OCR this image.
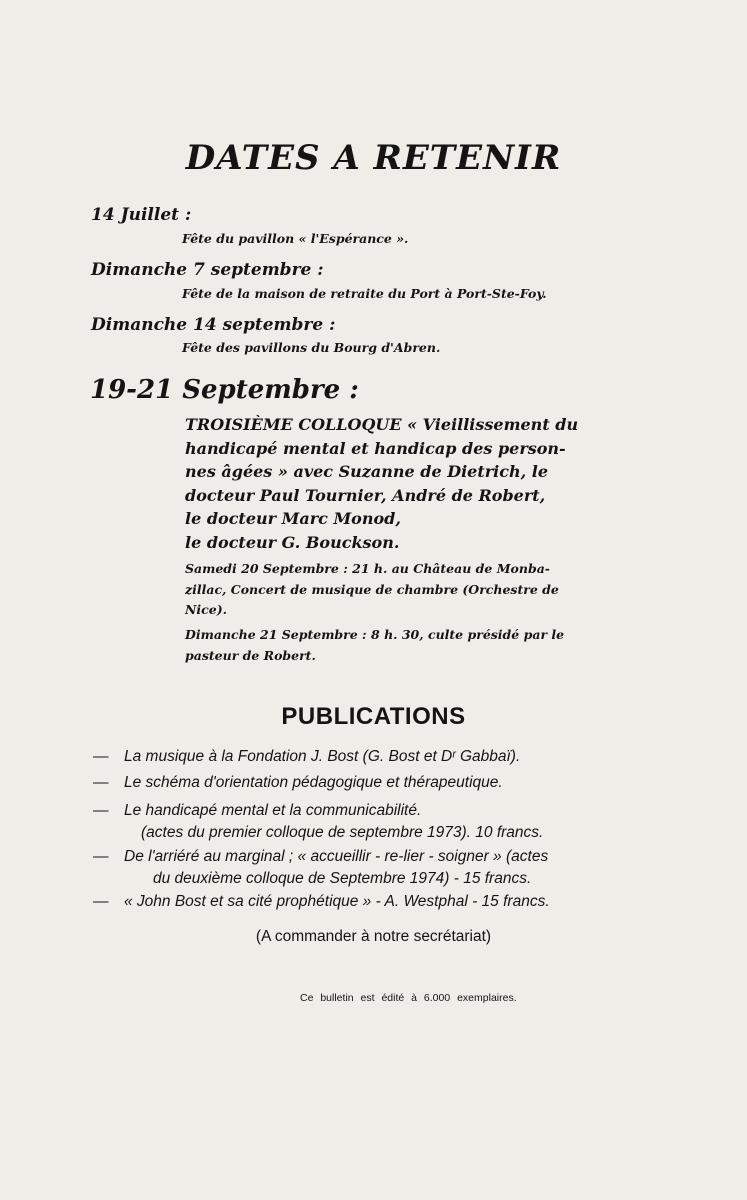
DATES A RETENIR
14 Juillet :
Fête du pavillon « l'Espérance ».
Dimanche 7 septembre :
Fête de la maison de retraite du Port à Port-Ste-Foy.
Dimanche 14 septembre :
Fête des pavillons du Bourg d'Abren.
19-21 Septembre :
TROISIÈME COLLOQUE « Vieillissement du
handicapé mental et handicap des person-
nes âgées » avec Suzanne de Dietrich, le
docteur Paul Tournier, André de Robert,
le docteur Marc Monod,
le docteur G. Bouckson.
Samedi 20 Septembre : 21 h. au Château de Monba-
zillac, Concert de musique de chambre (Orchestre de
Nice).
Dimanche 21 Septembre : 8 h. 30, culte présidé par le
pasteur de Robert.
PUBLICATIONS
— La musique à la Fondation J. Bost (G. Bost et Dʳ Gabbaï).
— Le schéma d'orientation pédagogique et thérapeutique.
— Le handicapé mental et la communicabilité.
(actes du premier colloque de septembre 1973). 10 francs.
— De l'arriéré au marginal ; « accueillir - re-lier - soigner » (actes
du deuxième colloque de Septembre 1974) - 15 francs.
— « John Bost et sa cité prophétique » - A. Westphal - 15 francs.
(A commander à notre secrétariat)
Ce bulletin est édité à 6.000 exemplaires.
